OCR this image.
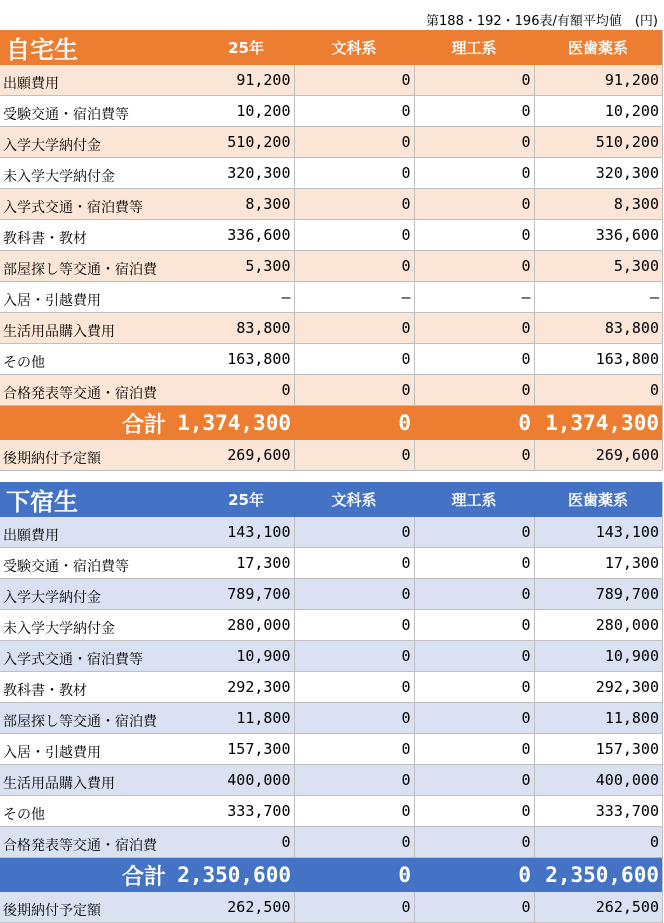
第188・192・196表/有額平均値　(円)
自宅生	25年	文科系	理工系	医歯薬系
出願費用	91,200	0	0	91,200
受験交通・宿泊費等	10,200	0	0	10,200
入学大学納付金	510,200	0	0	510,200
未入学大学納付金	320,300	0	0	320,300
入学式交通・宿泊費等	8,300	0	0	8,300
教科書・教材	336,600	0	0	336,600
部屋探し等交通・宿泊費	5,300	0	0	5,300
入居・引越費用	—	—	—	—
生活用品購入費用	83,800	0	0	83,800
その他	163,800	0	0	163,800
合格発表等交通・宿泊費	0	0	0	0
合計	1,374,300	0	0	1,374,300
後期納付予定額	269,600	0	0	269,600
下宿生	25年	文科系	理工系	医歯薬系
出願費用	143,100	0	0	143,100
受験交通・宿泊費等	17,300	0	0	17,300
入学大学納付金	789,700	0	0	789,700
未入学大学納付金	280,000	0	0	280,000
入学式交通・宿泊費等	10,900	0	0	10,900
教科書・教材	292,300	0	0	292,300
部屋探し等交通・宿泊費	11,800	0	0	11,800
入居・引越費用	157,300	0	0	157,300
生活用品購入費用	400,000	0	0	400,000
その他	333,700	0	0	333,700
合格発表等交通・宿泊費	0	0	0	0
合計	2,350,600	0	0	2,350,600
後期納付予定額	262,500	0	0	262,500
